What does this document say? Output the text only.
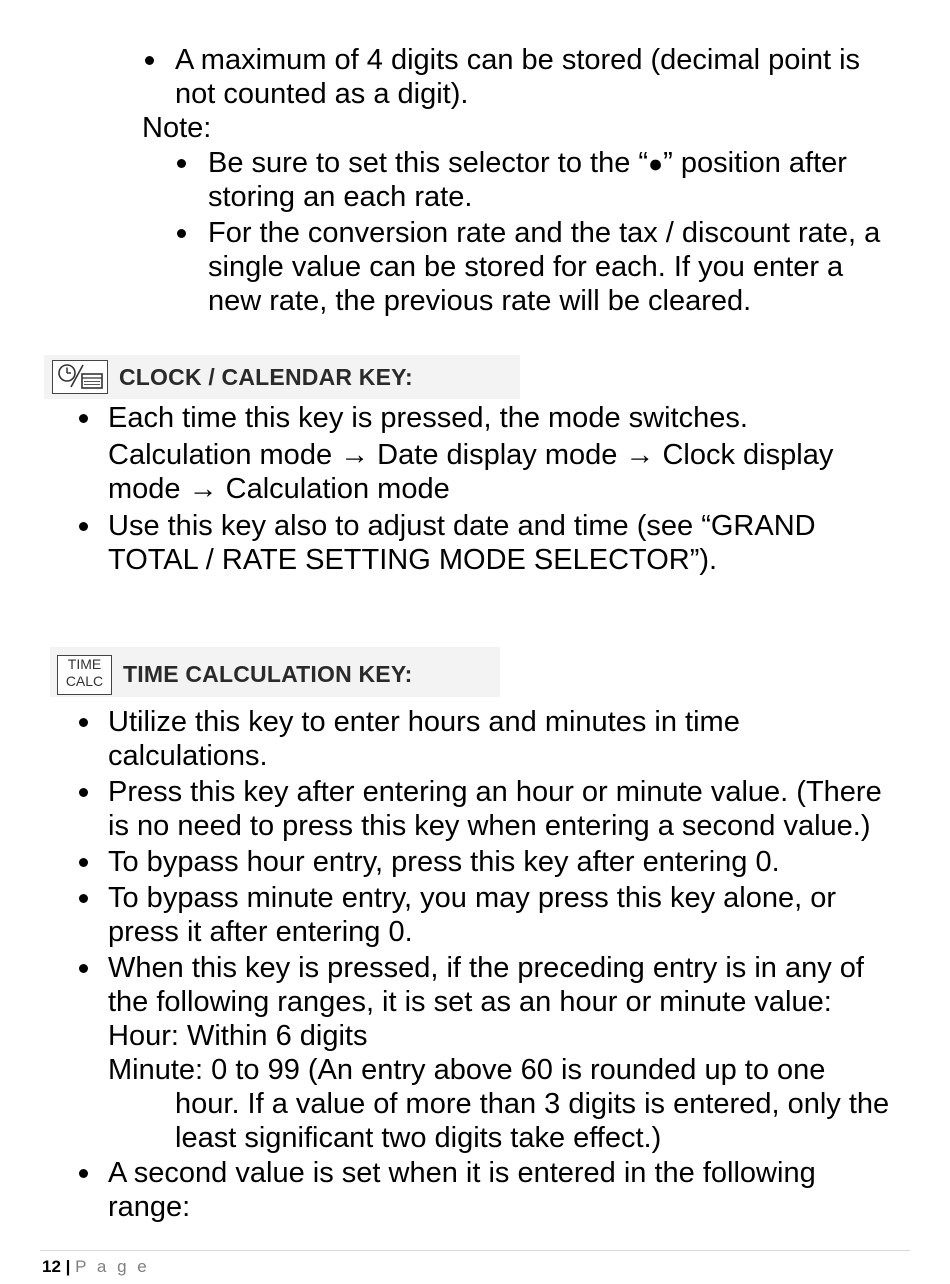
A maximum of 4 digits can be stored (decimal point is
not counted as a digit).
Note:
Be sure to set this selector to the “●” position after
storing an each rate.
For the conversion rate and the tax / discount rate, a
single value can be stored for each. If you enter a
new rate, the previous rate will be cleared.
CLOCK / CALENDAR KEY:
Each time this key is pressed, the mode switches.
Calculation mode → Date display mode → Clock display
mode → Calculation mode
Use this key also to adjust date and time (see “GRAND
TOTAL / RATE SETTING MODE SELECTOR”).
TIME
CALC TIME CALCULATION KEY:
Utilize this key to enter hours and minutes in time
calculations.
Press this key after entering an hour or minute value. (There
is no need to press this key when entering a second value.)
To bypass hour entry, press this key after entering 0.
To bypass minute entry, you may press this key alone, or
press it after entering 0.
When this key is pressed, if the preceding entry is in any of
the following ranges, it is set as an hour or minute value:
Hour: Within 6 digits
Minute: 0 to 99 (An entry above 60 is rounded up to one
hour. If a value of more than 3 digits is entered, only the
least significant two digits take effect.)
A second value is set when it is entered in the following
range:
12 | P a g e
